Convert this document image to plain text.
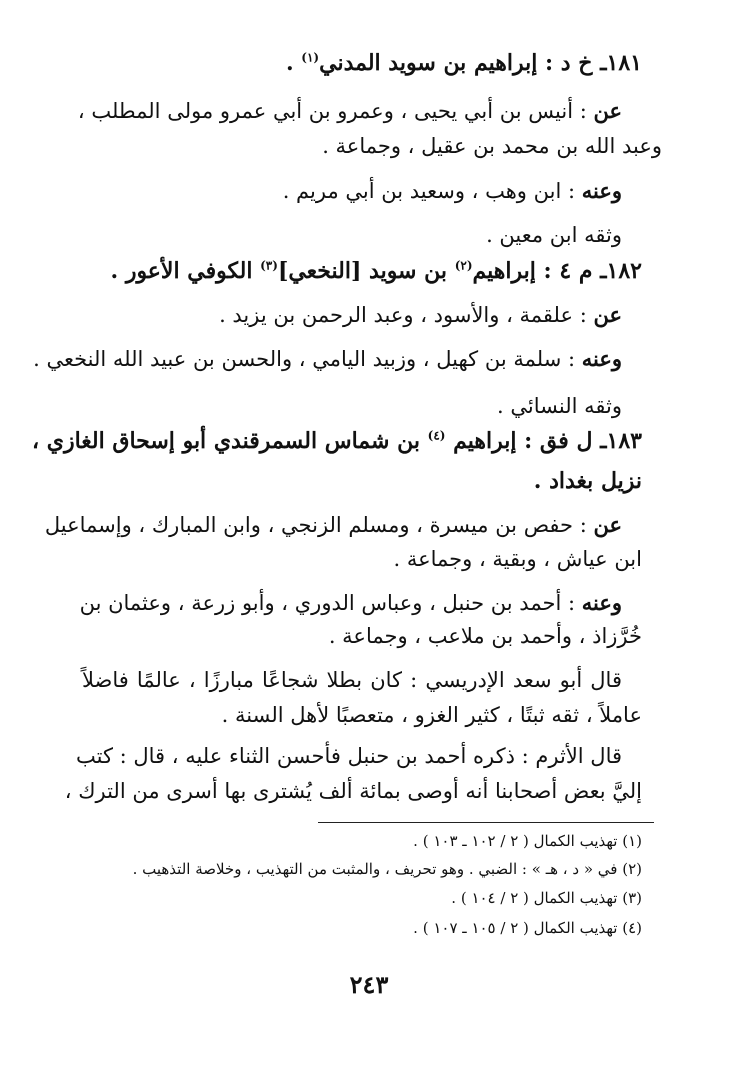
١٨١ـ خ د : إبراهيم بن سويد المدني$^{(١)}$ .
عن : أنيس بن أبي يحيى ، وعمرو بن أبي عمرو مولى المطلب ،
وعبد الله بن محمد بن عقيل ، وجماعة .
وعنه : ابن وهب ، وسعيد بن أبي مريم .
وثقه ابن معين .
١٨٢ـ م ٤ : إبراهيم$^{(٢)}$ بن سويد [النخعي]$^{(٣)}$ الكوفي الأعور .
عن : علقمة ، والأسود ، وعبد الرحمن بن يزيد .
وعنه : سلمة بن كهيل ، وزبيد اليامي ، والحسن بن عبيد الله النخعي .
وثقه النسائي .
١٨٣ـ ل فق : إبراهيم $^{(٤)}$ بن شماس السمرقندي أبو إسحاق الغازي ،
نزيل بغداد .
عن : حفص بن ميسرة ، ومسلم الزنجي ، وابن المبارك ، وإسماعيل
ابن عياش ، وبقية ، وجماعة .
وعنه : أحمد بن حنبل ، وعباس الدوري ، وأبو زرعة ، وعثمان بن
خُرَّزاذ ، وأحمد بن ملاعب ، وجماعة .
قال أبو سعد الإدريسي : كان بطلا شجاعًا مبارزًا ، عالمًا فاضلاً
عاملاً ، ثقه ثبتًا ، كثير الغزو ، متعصبًا لأهل السنة .
قال الأثرم : ذكره أحمد بن حنبل فأحسن الثناء عليه ، قال : كتب
إليَّ بعض أصحابنا أنه أوصى بمائة ألف يُشترى بها أسرى من الترك ،
(١) تهذيب الكمال ( ٢ / ١٠٢ ـ ١٠٣ ) .
(٢) في « د ، هـ » : الضبي . وهو تحريف ، والمثبت من التهذيب ، وخلاصة التذهيب .
(٣) تهذيب الكمال ( ٢ / ١٠٤ ) .
(٤) تهذيب الكمال ( ٢ / ١٠٥ ـ ١٠٧ ) .
٢٤٣
